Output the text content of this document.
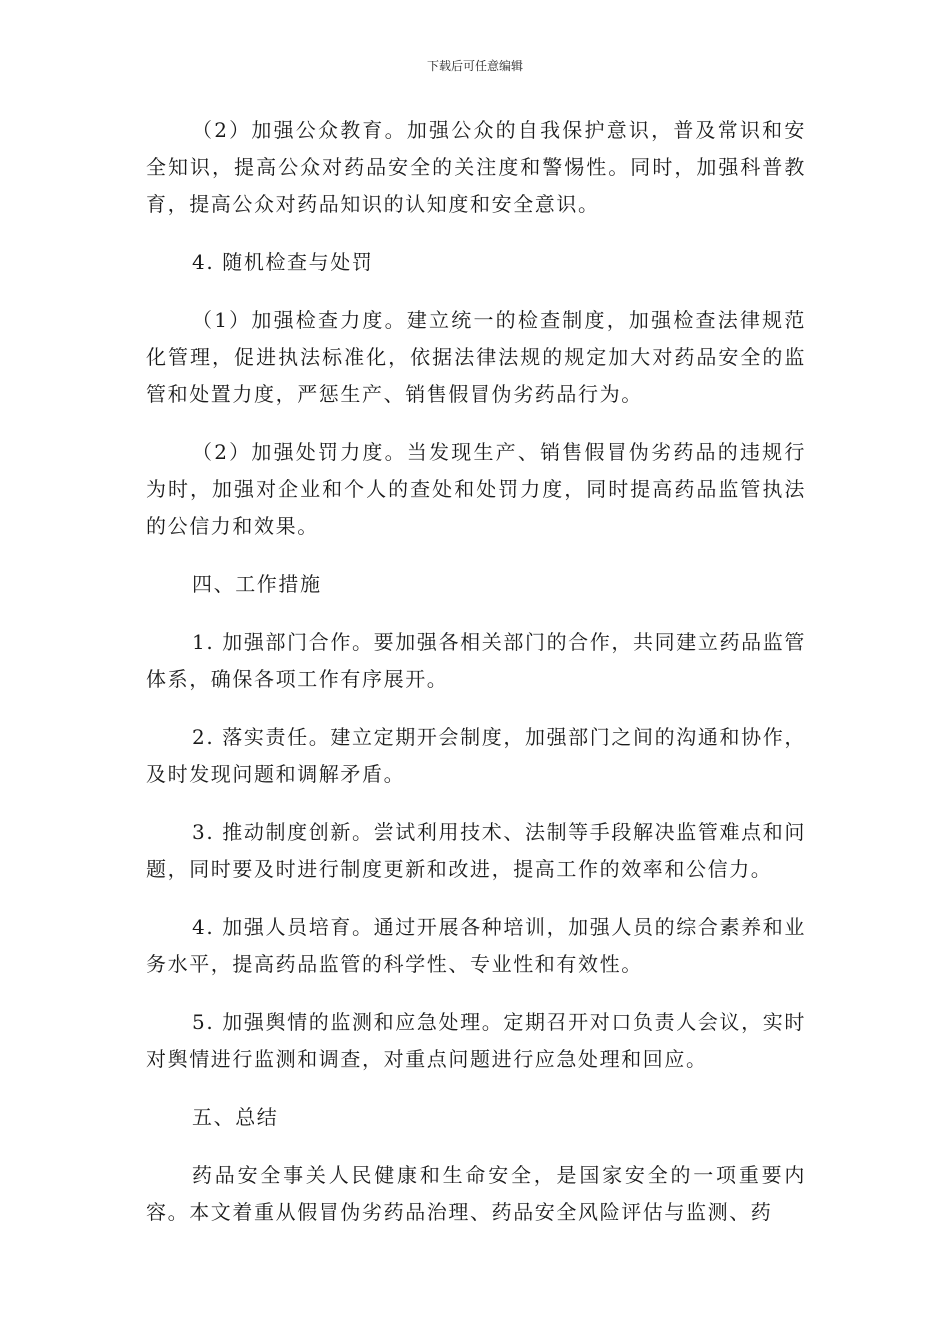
下载后可任意编辑

（2）加强公众教育。加强公众的自我保护意识，普及常识和安全知识，提高公众对药品安全的关注度和警惕性。同时，加强科普教育，提高公众对药品知识的认知度和安全意识。

4. 随机检查与处罚

（1）加强检查力度。建立统一的检查制度，加强检查法律规范化管理，促进执法标准化，依据法律法规的规定加大对药品安全的监管和处置力度，严惩生产、销售假冒伪劣药品行为。

（2）加强处罚力度。当发现生产、销售假冒伪劣药品的违规行为时，加强对企业和个人的查处和处罚力度，同时提高药品监管执法的公信力和效果。

四、工作措施

1. 加强部门合作。要加强各相关部门的合作，共同建立药品监管体系，确保各项工作有序展开。

2. 落实责任。建立定期开会制度，加强部门之间的沟通和协作，及时发现问题和调解矛盾。

3. 推动制度创新。尝试利用技术、法制等手段解决监管难点和问题，同时要及时进行制度更新和改进，提高工作的效率和公信力。

4. 加强人员培育。通过开展各种培训，加强人员的综合素养和业务水平，提高药品监管的科学性、专业性和有效性。

5. 加强舆情的监测和应急处理。定期召开对口负责人会议，实时对舆情进行监测和调查，对重点问题进行应急处理和回应。

五、总结

药品安全事关人民健康和生命安全，是国家安全的一项重要内容。本文着重从假冒伪劣药品治理、药品安全风险评估与监测、药
